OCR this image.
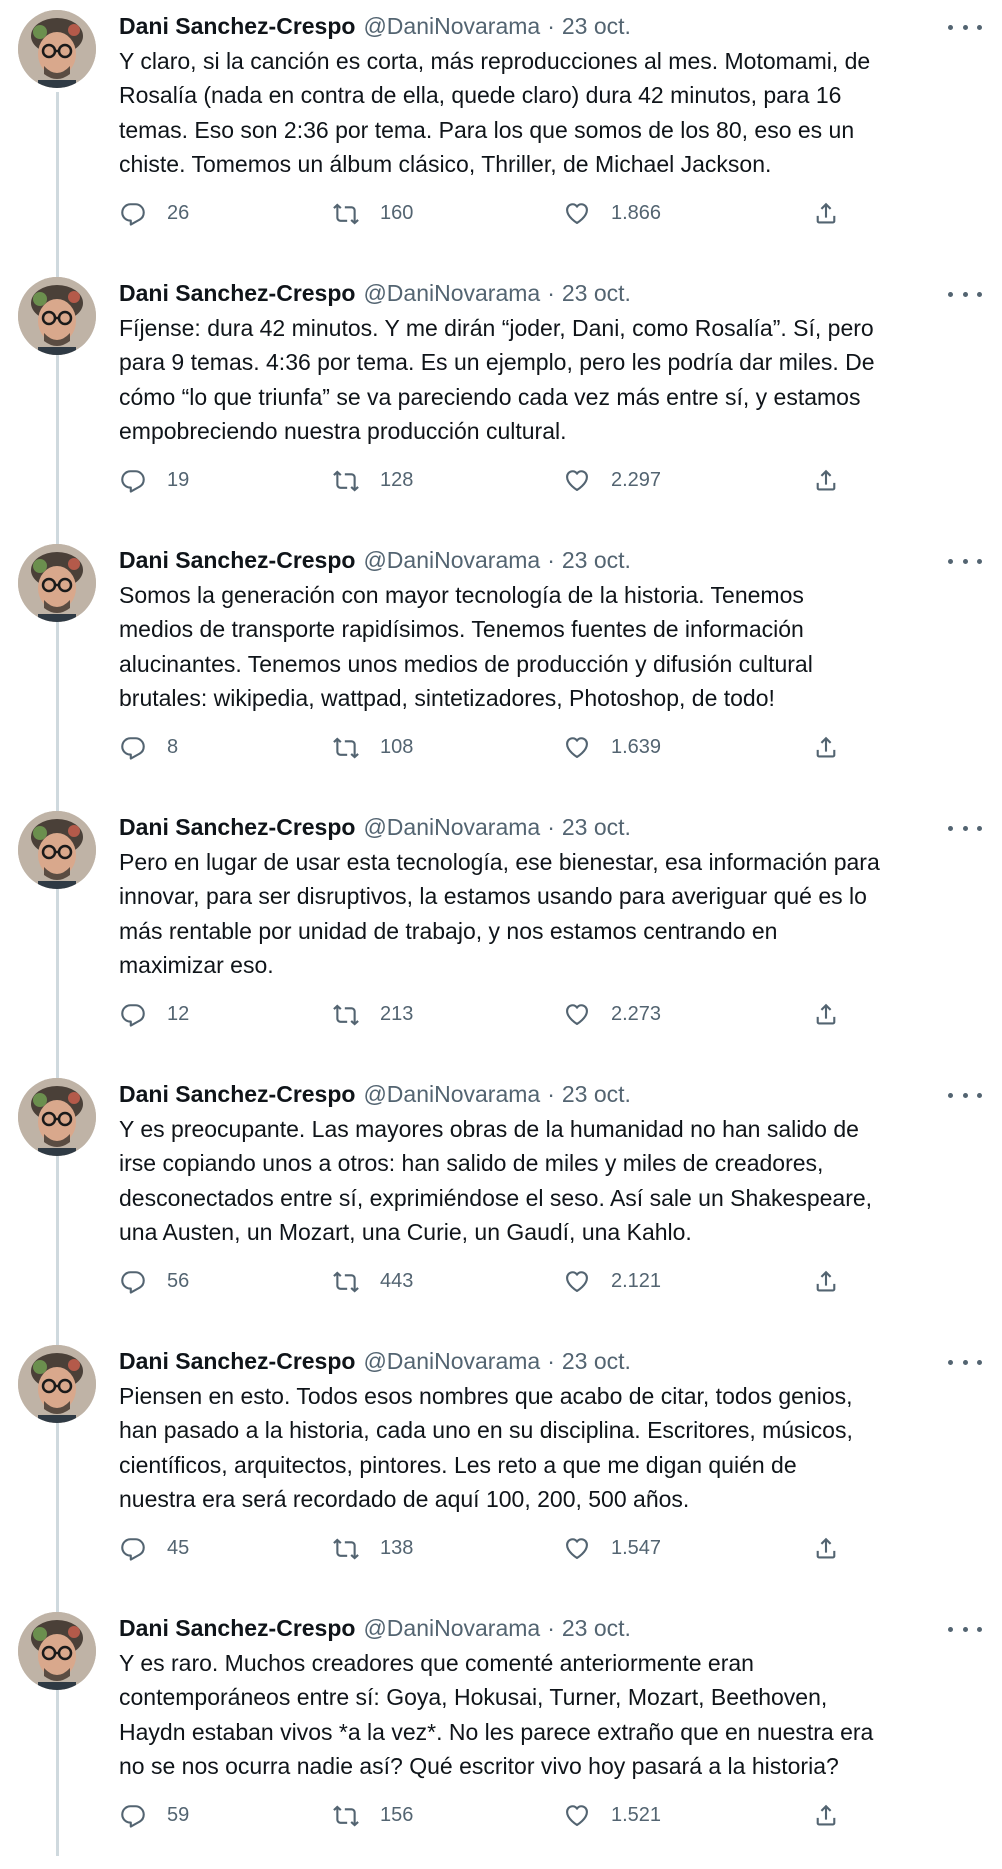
Dani Sanchez-Crespo @DaniNovarama · 23 oct.
Y claro, si la canción es corta, más reproducciones al mes. Motomami, de
Rosalía (nada en contra de ella, quede claro) dura 42 minutos, para 16
temas. Eso son 2:36 por tema. Para los que somos de los 80, eso es un
chiste. Tomemos un álbum clásico, Thriller, de Michael Jackson.
26	160	1.866
Dani Sanchez-Crespo @DaniNovarama · 23 oct.
Fíjense: dura 42 minutos. Y me dirán “joder, Dani, como Rosalía”. Sí, pero
para 9 temas. 4:36 por tema. Es un ejemplo, pero les podría dar miles. De
cómo “lo que triunfa” se va pareciendo cada vez más entre sí, y estamos
empobreciendo nuestra producción cultural.
19	128	2.297
Dani Sanchez-Crespo @DaniNovarama · 23 oct.
Somos la generación con mayor tecnología de la historia. Tenemos
medios de transporte rapidísimos. Tenemos fuentes de información
alucinantes. Tenemos unos medios de producción y difusión cultural
brutales: wikipedia, wattpad, sintetizadores, Photoshop, de todo!
8	108	1.639
Dani Sanchez-Crespo @DaniNovarama · 23 oct.
Pero en lugar de usar esta tecnología, ese bienestar, esa información para
innovar, para ser disruptivos, la estamos usando para averiguar qué es lo
más rentable por unidad de trabajo, y nos estamos centrando en
maximizar eso.
12	213	2.273
Dani Sanchez-Crespo @DaniNovarama · 23 oct.
Y es preocupante. Las mayores obras de la humanidad no han salido de
irse copiando unos a otros: han salido de miles y miles de creadores,
desconectados entre sí, exprimiéndose el seso. Así sale un Shakespeare,
una Austen, un Mozart, una Curie, un Gaudí, una Kahlo.
56	443	2.121
Dani Sanchez-Crespo @DaniNovarama · 23 oct.
Piensen en esto. Todos esos nombres que acabo de citar, todos genios,
han pasado a la historia, cada uno en su disciplina. Escritores, músicos,
científicos, arquitectos, pintores. Les reto a que me digan quién de
nuestra era será recordado de aquí 100, 200, 500 años.
45	138	1.547
Dani Sanchez-Crespo @DaniNovarama · 23 oct.
Y es raro. Muchos creadores que comenté anteriormente eran
contemporáneos entre sí: Goya, Hokusai, Turner, Mozart, Beethoven,
Haydn estaban vivos *a la vez*. No les parece extraño que en nuestra era
no se nos ocurra nadie así? Qué escritor vivo hoy pasará a la historia?
59	156	1.521
